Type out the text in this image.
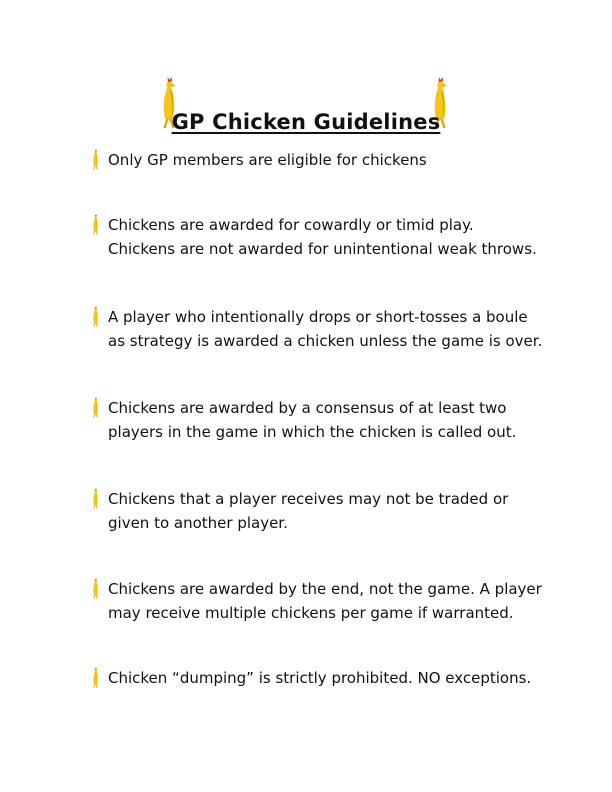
GP Chicken Guidelines
Only GP members are eligible for chickens
Chickens are awarded for cowardly or timid play.
Chickens are not awarded for unintentional weak throws.
A player who intentionally drops or short-tosses a boule
as strategy is awarded a chicken unless the game is over.
Chickens are awarded by a consensus of at least two
players in the game in which the chicken is called out.
Chickens that a player receives may not be traded or
given to another player.
Chickens are awarded by the end, not the game. A player
may receive multiple chickens per game if warranted.
Chicken “dumping” is strictly prohibited. NO exceptions.
